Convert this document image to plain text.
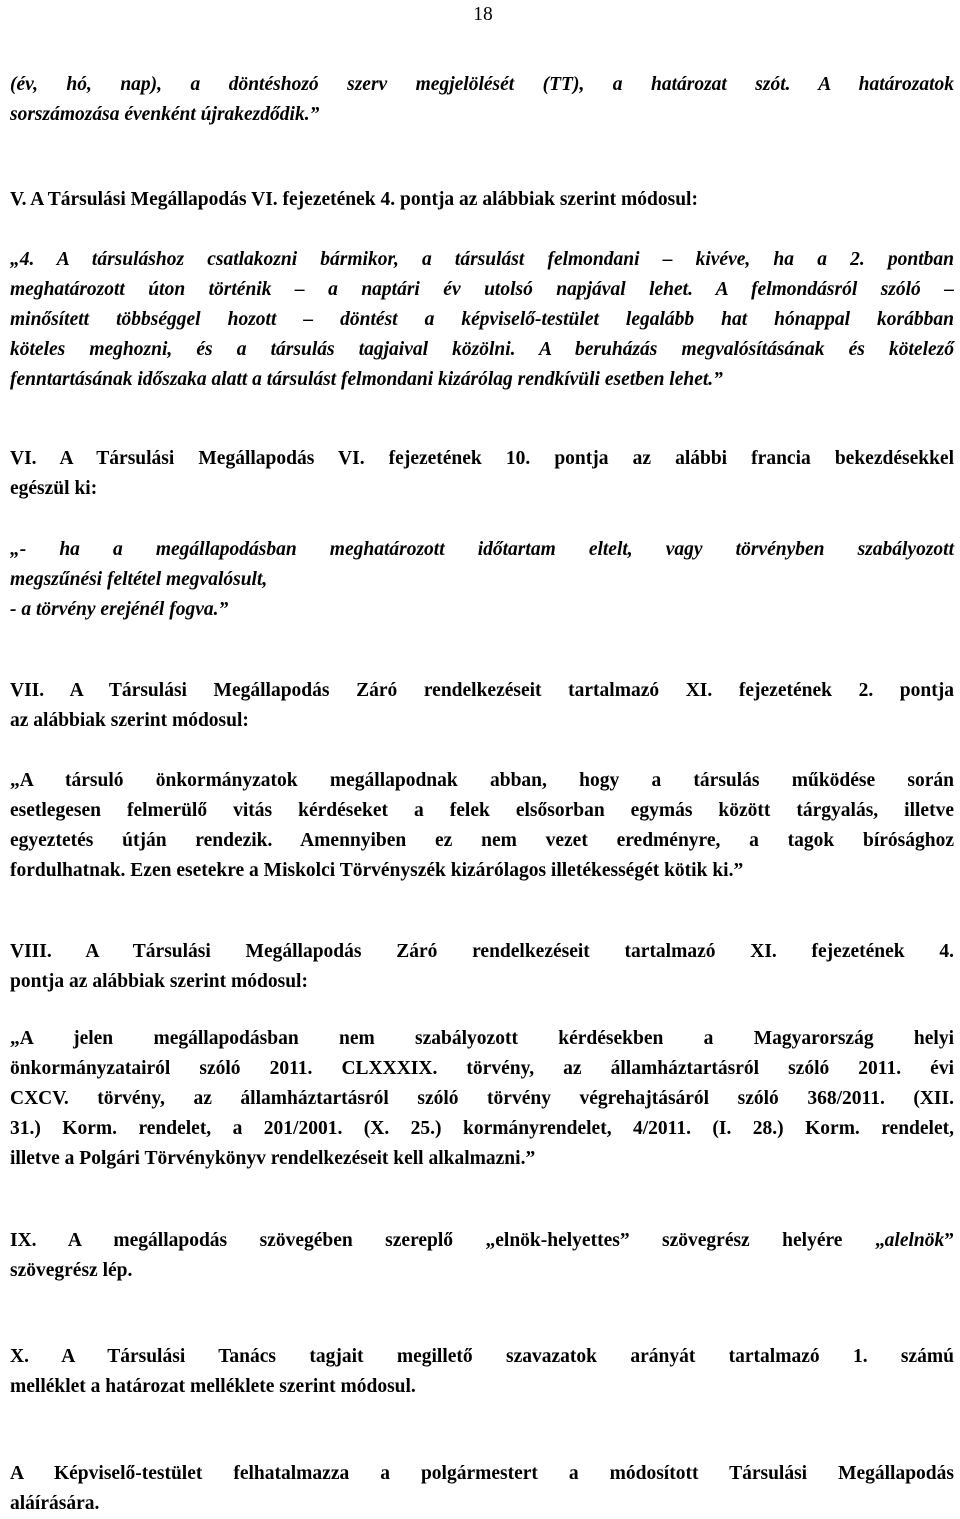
18
(év, hó, nap), a döntéshozó szerv megjelölését (TT), a határozat szót. A határozatok
sorszámozása évenként újrakezdődik.”
V. A Társulási Megállapodás VI. fejezetének 4. pontja az alábbiak szerint módosul:
„4. A társuláshoz csatlakozni bármikor, a társulást felmondani – kivéve, ha a 2. pontban
meghatározott úton történik – a naptári év utolsó napjával lehet. A felmondásról szóló –
minősített többséggel hozott – döntést a képviselő-testület legalább hat hónappal korábban
köteles meghozni, és a társulás tagjaival közölni. A beruházás megvalósításának és kötelező
fenntartásának időszaka alatt a társulást felmondani kizárólag rendkívüli esetben lehet.”
VI. A Társulási Megállapodás VI. fejezetének 10. pontja az alábbi francia bekezdésekkel
egészül ki:
„- ha a megállapodásban meghatározott időtartam eltelt, vagy törvényben szabályozott
megszűnési feltétel megvalósult,
- a törvény erejénél fogva.”
VII. A Társulási Megállapodás Záró rendelkezéseit tartalmazó XI. fejezetének 2. pontja
az alábbiak szerint módosul:
„A társuló önkormányzatok megállapodnak abban, hogy a társulás működése során
esetlegesen felmerülő vitás kérdéseket a felek elsősorban egymás között tárgyalás, illetve
egyeztetés útján rendezik. Amennyiben ez nem vezet eredményre, a tagok bírósághoz
fordulhatnak. Ezen esetekre a Miskolci Törvényszék kizárólagos illetékességét kötik ki.”
VIII. A Társulási Megállapodás Záró rendelkezéseit tartalmazó XI. fejezetének 4.
pontja az alábbiak szerint módosul:
„A jelen megállapodásban nem szabályozott kérdésekben a Magyarország helyi
önkormányzatairól szóló 2011. CLXXXIX. törvény, az államháztartásról szóló 2011. évi
CXCV. törvény, az államháztartásról szóló törvény végrehajtásáról szóló 368/2011. (XII.
31.) Korm. rendelet, a 201/2001. (X. 25.) kormányrendelet, 4/2011. (I. 28.) Korm. rendelet,
illetve a Polgári Törvénykönyv rendelkezéseit kell alkalmazni.”
IX. A megállapodás szövegében szereplő „elnök-helyettes” szövegrész helyére „alelnök”
szövegrész lép.
X. A Társulási Tanács tagjait megillető szavazatok arányát tartalmazó 1. számú
melléklet a határozat melléklete szerint módosul.
A Képviselő-testület felhatalmazza a polgármestert a módosított Társulási Megállapodás
aláírására.
